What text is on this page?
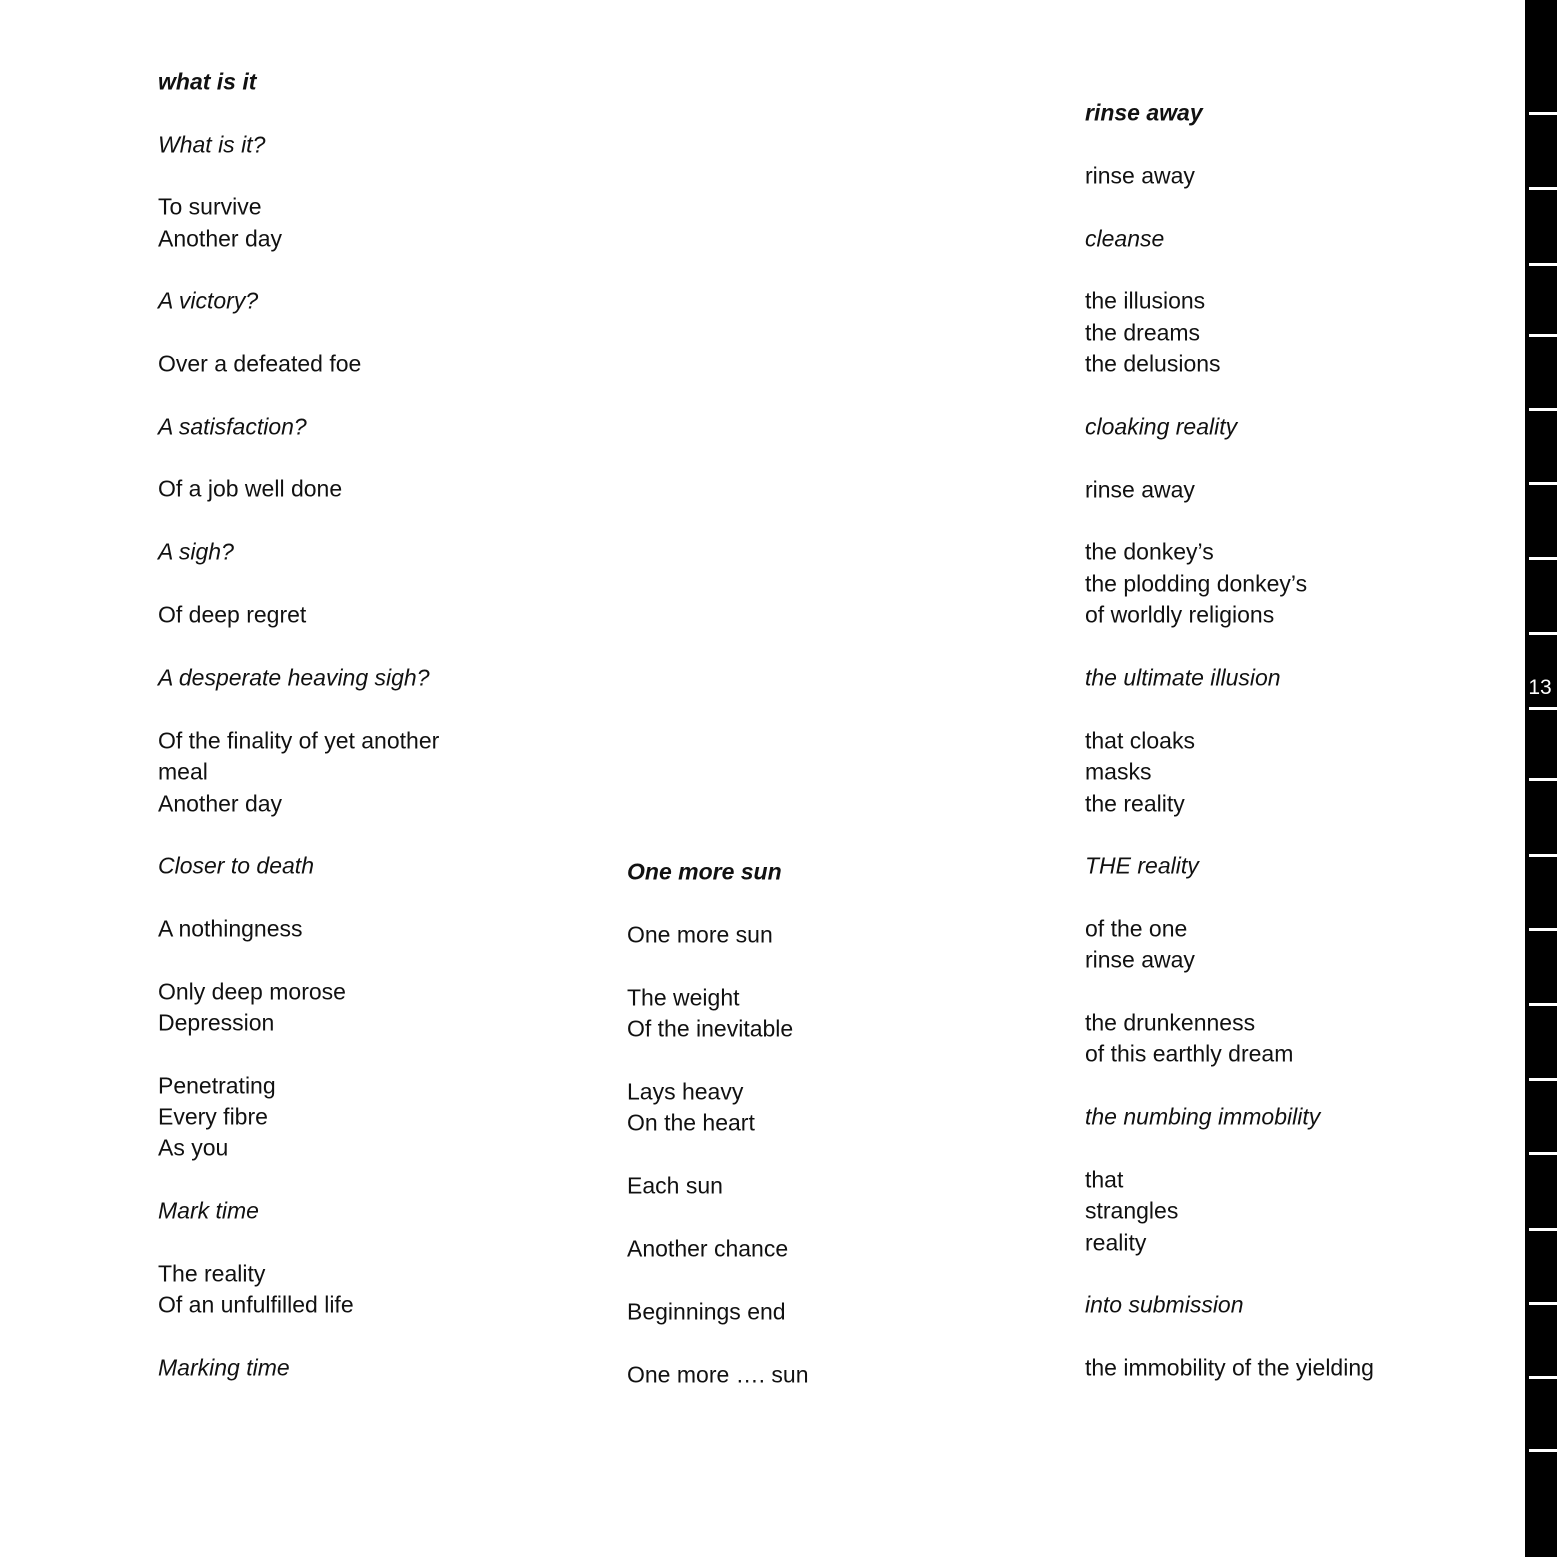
what is it
What is it?
To survive
Another day
A victory?
Over a defeated foe
A satisfaction?
Of a job well done
A sigh?
Of deep regret
A desperate heaving sigh?
Of the finality of yet another
meal
Another day
Closer to death
A nothingness
Only deep morose
Depression
Penetrating
Every fibre
As you
Mark time
The reality
Of an unfulfilled life
Marking time
One more sun
One more sun
The weight
Of the inevitable
Lays heavy
On the heart
Each sun
Another chance
Beginnings end
One more …. sun
rinse away
rinse away
cleanse
the illusions
the dreams
the delusions
cloaking reality
rinse away
the donkey’s
the plodding donkey’s
of worldly religions
the ultimate illusion
that cloaks
masks
the reality
THE reality
of the one
rinse away
the drunkenness
of this earthly dream
the numbing immobility
that
strangles
reality
into submission
the immobility of the yielding
13
